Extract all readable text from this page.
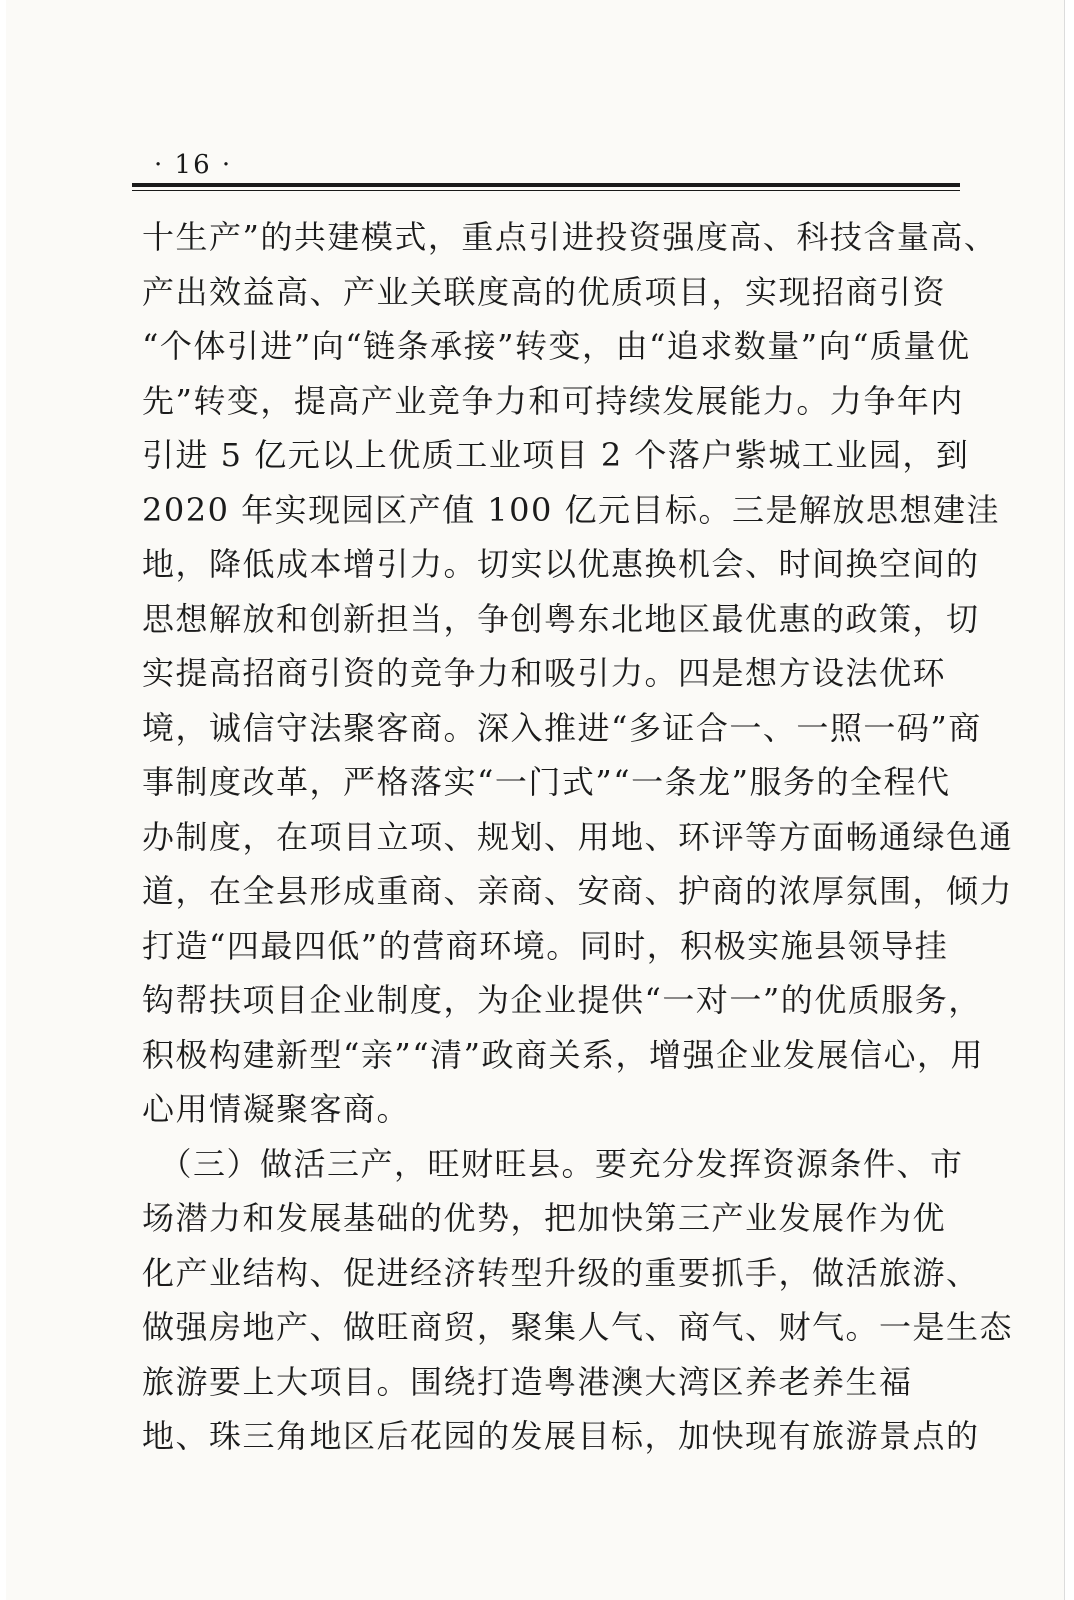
· 16 ·
十生产”的共建模式，重点引进投资强度高、科技含量高、
产出效益高、产业关联度高的优质项目，实现招商引资
“个体引进”向“链条承接”转变，由“追求数量”向“质量优
先”转变，提高产业竞争力和可持续发展能力。力争年内
引进 5 亿元以上优质工业项目 2 个落户紫城工业园，到
2020 年实现园区产值 100 亿元目标。三是解放思想建洼
地，降低成本增引力。切实以优惠换机会、时间换空间的
思想解放和创新担当，争创粤东北地区最优惠的政策，切
实提高招商引资的竞争力和吸引力。四是想方设法优环
境，诚信守法聚客商。深入推进“多证合一、一照一码”商
事制度改革，严格落实“一门式”“一条龙”服务的全程代
办制度，在项目立项、规划、用地、环评等方面畅通绿色通
道，在全县形成重商、亲商、安商、护商的浓厚氛围，倾力
打造“四最四低”的营商环境。同时，积极实施县领导挂
钩帮扶项目企业制度，为企业提供“一对一”的优质服务，
积极构建新型“亲”“清”政商关系，增强企业发展信心，用
心用情凝聚客商。
　（三）做活三产，旺财旺县。要充分发挥资源条件、市
场潜力和发展基础的优势，把加快第三产业发展作为优
化产业结构、促进经济转型升级的重要抓手，做活旅游、
做强房地产、做旺商贸，聚集人气、商气、财气。一是生态
旅游要上大项目。围绕打造粤港澳大湾区养老养生福
地、珠三角地区后花园的发展目标，加快现有旅游景点的
